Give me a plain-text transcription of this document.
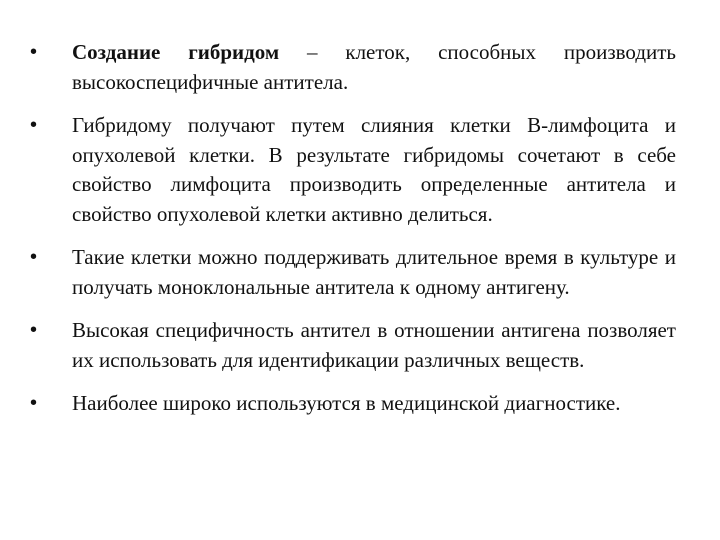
•	Создание гибридом – клеток, способных производить высокоспецифичные антитела.
•	Гибридому получают путем слияния клетки В-лимфоцита и опухолевой клетки. В результате гибридомы сочетают в себе свойство лимфоцита производить определенные антитела и свойство опухолевой клетки активно делиться.
•	Такие клетки можно поддерживать длительное время в культуре и получать моноклональные антитела к одному антигену.
•	Высокая специфичность антител в отношении антигена позволяет их использовать для идентификации различных веществ.
•	Наиболее широко используются в медицинской диагностике.
